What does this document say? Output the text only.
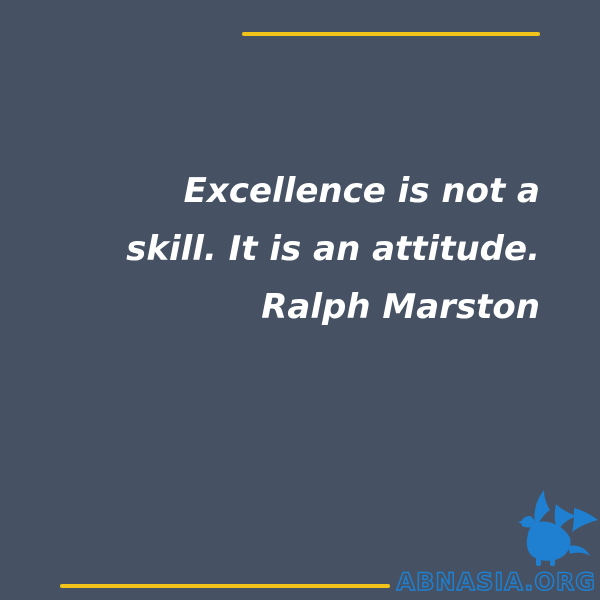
Excellence is not a
skill. It is an attitude.
Ralph Marston
ABNASIA.ORG
